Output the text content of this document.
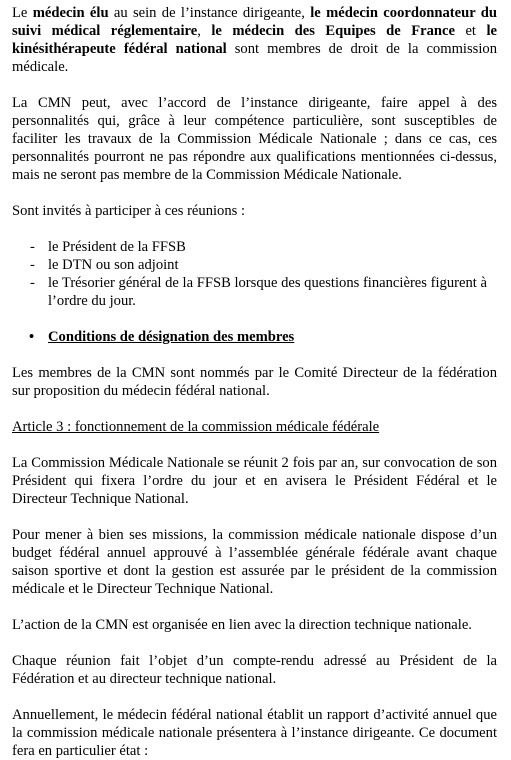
Le médecin élu au sein de l’instance dirigeante, le médecin coordonnateur du suivi médical réglementaire, le médecin des Equipes de France et le kinésithérapeute fédéral national sont membres de droit de la commission médicale.

La CMN peut, avec l’accord de l’instance dirigeante, faire appel à des personnalités qui, grâce à leur compétence particulière, sont susceptibles de faciliter les travaux de la Commission Médicale Nationale ; dans ce cas, ces personnalités pourront ne pas répondre aux qualifications mentionnées ci-dessus, mais ne seront pas membre de la Commission Médicale Nationale.

Sont invités à participer à ces réunions :

- le Président de la FFSB
- le DTN ou son adjoint
- le Trésorier général de la FFSB lorsque des questions financières figurent à l’ordre du jour.
• Conditions de désignation des membres

Les membres de la CMN sont nommés par le Comité Directeur de la fédération sur proposition du médecin fédéral national.

Article 3 : fonctionnement de la commission médicale fédérale

La Commission Médicale Nationale se réunit 2 fois par an, sur convocation de son Président qui fixera l’ordre du jour et en avisera le Président Fédéral et le Directeur Technique National.

Pour mener à bien ses missions, la commission médicale nationale dispose d’un budget fédéral annuel approuvé à l’assemblée générale fédérale avant chaque saison sportive et dont la gestion est assurée par le président de la commission médicale et le Directeur Technique National.

L’action de la CMN est organisée en lien avec la direction technique nationale.

Chaque réunion fait l’objet d’un compte-rendu adressé au Président de la Fédération et au directeur technique national.

Annuellement, le médecin fédéral national établit un rapport d’activité annuel que la commission médicale nationale présentera à l’instance dirigeante. Ce document fera en particulier état :
